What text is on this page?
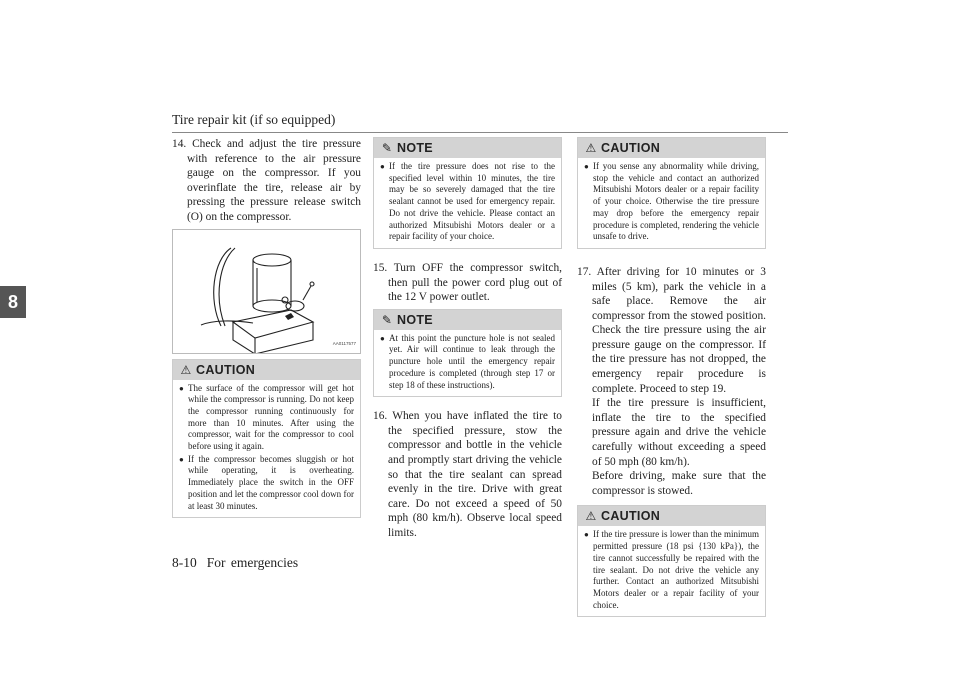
Tire repair kit (if so equipped)
8

14. Check and adjust the tire pressure with reference to the air pressure gauge on the compressor. If you overinflate the tire, release air by pressing the pressure release switch (O) on the compressor.

AA0117577
⚠ CAUTION

● The surface of the compressor will get hot while the compressor is running. Do not keep the compressor running continuously for more than 10 minutes. After using the compressor, wait for the compressor to cool before using it again.

● If the compressor becomes sluggish or hot while operating, it is overheating. Immediately place the switch in the OFF position and let the compressor cool down for at least 30 minutes.

✎ NOTE

● If the tire pressure does not rise to the specified level within 10 minutes, the tire may be so severely damaged that the tire sealant cannot be used for emergency repair. Do not drive the vehicle. Please contact an authorized Mitsubishi Motors dealer or a repair facility of your choice.

15. Turn OFF the compressor switch, then pull the power cord plug out of the 12 V power outlet.

✎ NOTE

● At this point the puncture hole is not sealed yet. Air will continue to leak through the puncture hole until the emergency repair procedure is completed (through step 17 or step 18 of these instructions).

16. When you have inflated the tire to the specified pressure, stow the compressor and bottle in the vehicle and promptly start driving the vehicle so that the tire sealant can spread evenly in the tire. Drive with great care. Do not exceed a speed of 50 mph (80 km/h). Observe local speed limits.

⚠ CAUTION

● If you sense any abnormality while driving, stop the vehicle and contact an authorized Mitsubishi Motors dealer or a repair facility of your choice. Otherwise the tire pressure may drop before the emergency repair procedure is completed, rendering the vehicle unsafe to drive.

17. After driving for 10 minutes or 3 miles (5 km), park the vehicle in a safe place. Remove the air compressor from the stowed position. Check the tire pressure using the air pressure gauge on the compressor. If the tire pressure has not dropped, the emergency repair procedure is complete. Proceed to step 19.

If the tire pressure is insufficient, inflate the tire to the specified pressure again and drive the vehicle carefully without exceeding a speed of 50 mph (80 km/h).

Before driving, make sure that the compressor is stowed.

⚠ CAUTION

● If the tire pressure is lower than the minimum permitted pressure (18 psi {130 kPa}), the tire cannot successfully be repaired with the tire sealant. Do not drive the vehicle any further. Contact an authorized Mitsubishi Motors dealer or a repair facility of your choice.

8-10 For emergencies
